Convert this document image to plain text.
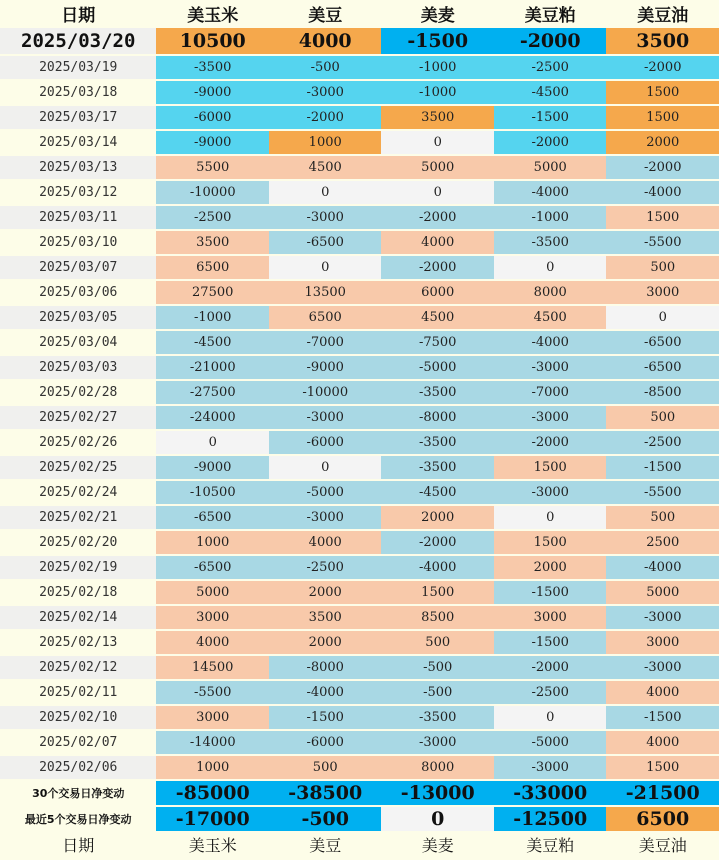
日期	美玉米	美豆	美麦	美豆粕	美豆油
2025/03/20	10500	4000	-1500	-2000	3500
2025/03/19	-3500	-500	-1000	-2500	-2000
2025/03/18	-9000	-3000	-1000	-4500	1500
2025/03/17	-6000	-2000	3500	-1500	1500
2025/03/14	-9000	1000	0	-2000	2000
2025/03/13	5500	4500	5000	5000	-2000
2025/03/12	-10000	0	0	-4000	-4000
2025/03/11	-2500	-3000	-2000	-1000	1500
2025/03/10	3500	-6500	4000	-3500	-5500
2025/03/07	6500	0	-2000	0	500
2025/03/06	27500	13500	6000	8000	3000
2025/03/05	-1000	6500	4500	4500	0
2025/03/04	-4500	-7000	-7500	-4000	-6500
2025/03/03	-21000	-9000	-5000	-3000	-6500
2025/02/28	-27500	-10000	-3500	-7000	-8500
2025/02/27	-24000	-3000	-8000	-3000	500
2025/02/26	0	-6000	-3500	-2000	-2500
2025/02/25	-9000	0	-3500	1500	-1500
2025/02/24	-10500	-5000	-4500	-3000	-5500
2025/02/21	-6500	-3000	2000	0	500
2025/02/20	1000	4000	-2000	1500	2500
2025/02/19	-6500	-2500	-4000	2000	-4000
2025/02/18	5000	2000	1500	-1500	5000
2025/02/14	3000	3500	8500	3000	-3000
2025/02/13	4000	2000	500	-1500	3000
2025/02/12	14500	-8000	-500	-2000	-3000
2025/02/11	-5500	-4000	-500	-2500	4000
2025/02/10	3000	-1500	-3500	0	-1500
2025/02/07	-14000	-6000	-3000	-5000	4000
2025/02/06	1000	500	8000	-3000	1500
30个交易日净变动	-85000	-38500	-13000	-33000	-21500
最近5个交易日净变动	-17000	-500	0	-12500	6500
日期	美玉米	美豆	美麦	美豆粕	美豆油
